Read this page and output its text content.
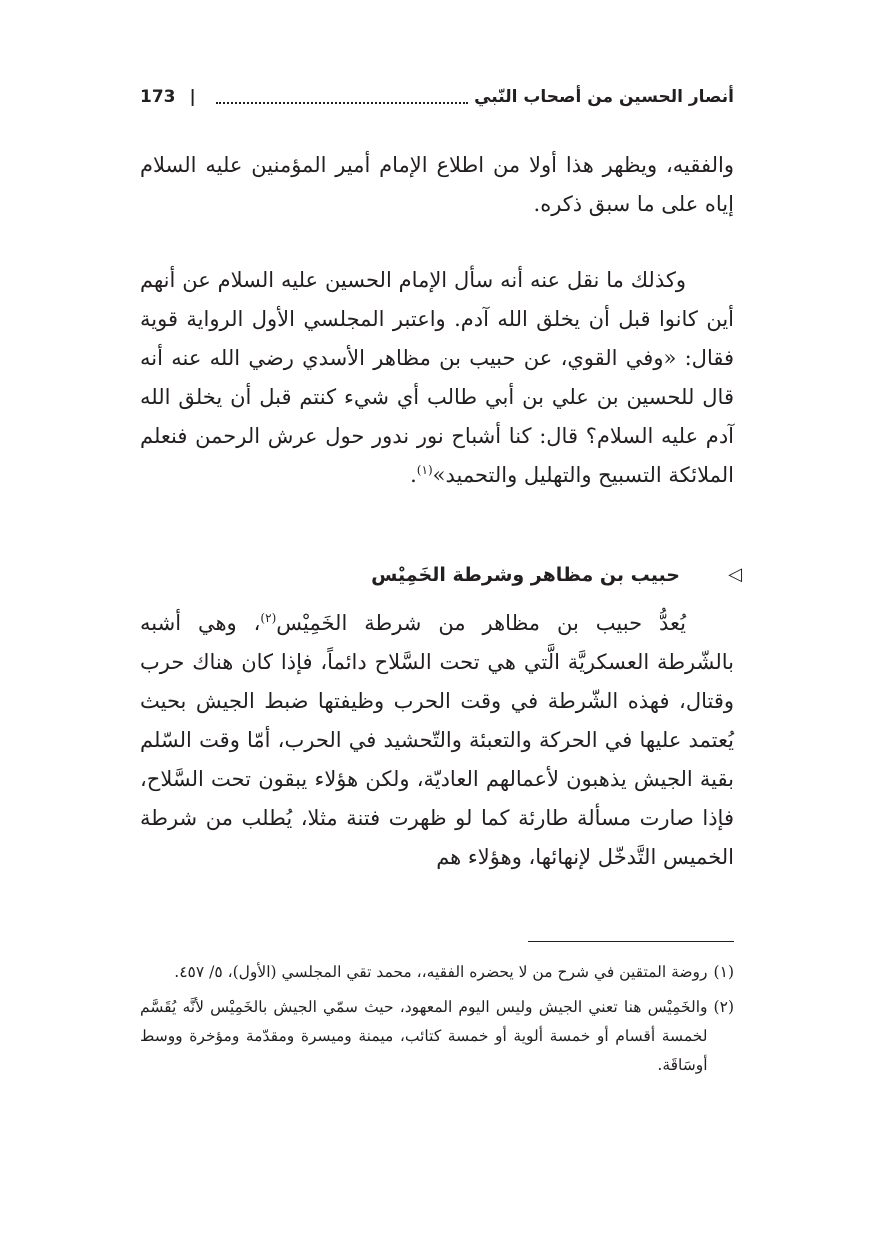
أنصار الحسين من أصحاب النّبي
|
173

والفقيه، ويظهر هذا أولا من اطلاع الإمام أمير المؤمنين عليه السلام إياه على ما سبق ذكره.

وكذلك ما نقل عنه أنه سأل الإمام الحسين عليه السلام عن أنهم أين كانوا قبل أن يخلق الله آدم. واعتبر المجلسي الأول الرواية قوية فقال: «وفي القوي، عن حبيب بن مظاهر الأسدي رضي الله عنه أنه قال للحسين بن علي بن أبي طالب أي شيء كنتم قبل أن يخلق الله آدم عليه السلام؟ قال: كنا أشباح نور ندور حول عرش الرحمن فنعلم الملائكة التسبيح والتهليل والتحميد»$^{(١)}$.

◁
حبيب بن مظاهر وشرطة الخَمِيْس

يُعدُّ حبيب بن مظاهر من شرطة الخَمِيْس$^{(٢)}$، وهي أشبه بالشّرطة العسكريَّة الَّتي هي تحت السَّلاح دائماً، فإذا كان هناك حرب وقتال، فهذه الشّرطة في وقت الحرب وظيفتها ضبط الجيش بحيث يُعتمد عليها في الحركة والتعبئة والتّحشيد في الحرب، أمّا وقت السّلم بقية الجيش يذهبون لأعمالهم العاديّة، ولكن هؤلاء يبقون تحت السَّلاح، فإذا صارت مسألة طارئة كما لو ظهرت فتنة مثلا، يُطلب من شرطة الخميس التَّدخّل لإنهائها، وهؤلاء هم

(١)
روضة المتقين في شرح من لا يحضره الفقيه،، محمد تقي المجلسي (الأول)، ٥/ ٤٥٧.
(٢)
والخَمِيْس هنا تعني الجيش وليس اليوم المعهود، حيث سمّي الجيش بالخَمِيْس لأنَّه يُقَسَّم لخمسة أقسام أو خمسة ألوية أو خمسة كتائب، ميمنة وميسرة ومقدّمة ومؤخرة ووسط أوسَاقَة.
